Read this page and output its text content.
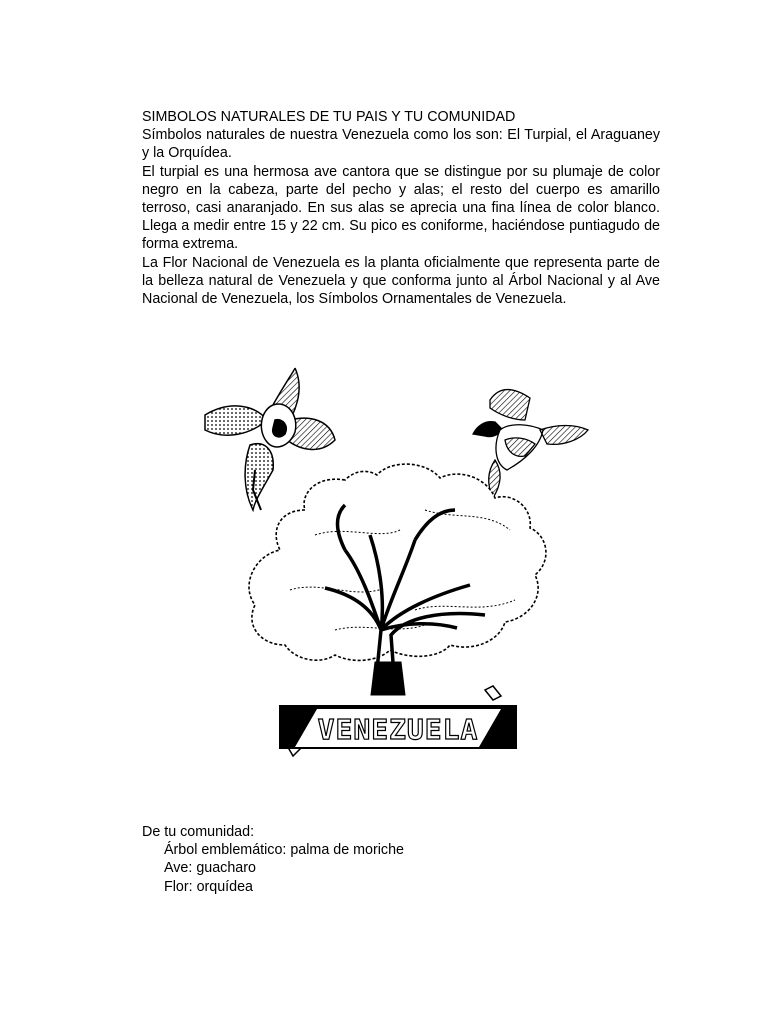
SIMBOLOS NATURALES DE TU PAIS Y TU COMUNIDAD

Símbolos naturales de nuestra Venezuela como los son: El Turpial, el Araguaney y la Orquídea.

El turpial es una hermosa ave cantora que se distingue por su plumaje de color negro en la cabeza, parte del pecho y alas; el resto del cuerpo es amarillo terroso, casi anaranjado. En sus alas se aprecia una fina línea de color blanco. Llega a medir entre 15 y 22 cm. Su pico es coniforme, haciéndose puntiagudo de forma extrema.

La Flor Nacional de Venezuela es la planta oficialmente que representa parte de la belleza natural de Venezuela y que conforma junto al Árbol Nacional y al Ave Nacional de Venezuela, los Símbolos Ornamentales de Venezuela.

VENEZUELA
De tu comunidad:
Árbol emblemático: palma de moriche
Ave: guacharo
Flor: orquídea
